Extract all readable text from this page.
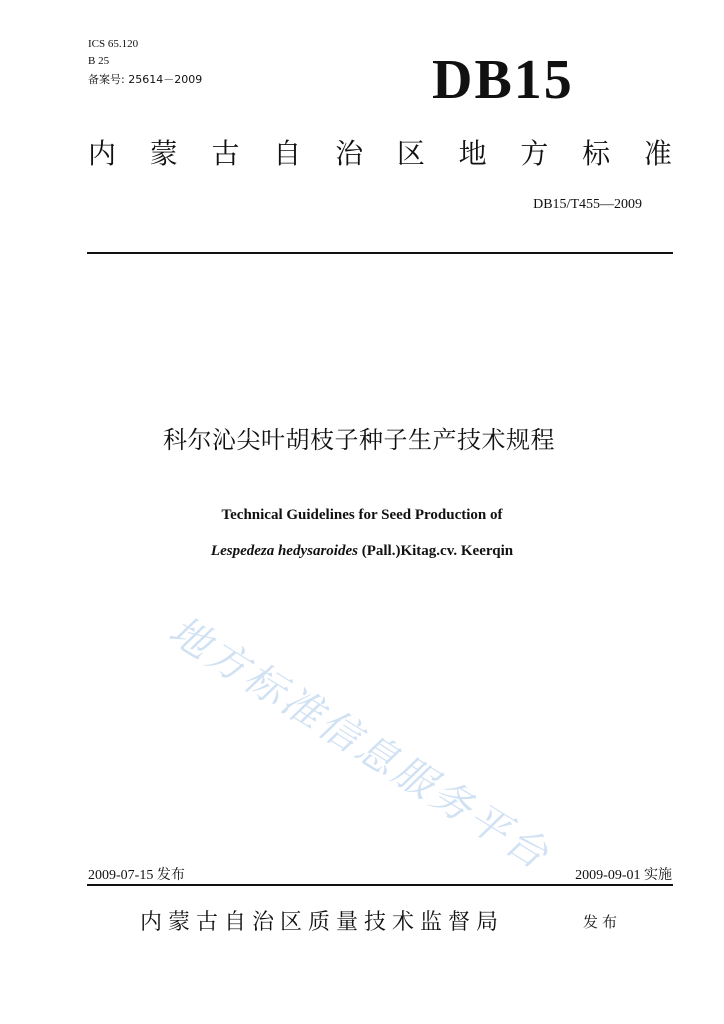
ICS 65.120
B 25
备案号: 25614－2009	DB15
内 蒙 古 自 治 区 地 方 标 准
DB15/T455—2009
科尔沁尖叶胡枝子种子生产技术规程
Technical Guidelines for Seed Production of
Lespedeza hedysaroides (Pall.)Kitag.cv. Keerqin
地方标准信息服务平台
2009-07-15 发布	2009-09-01 实施
内蒙古自治区质量技术监督局	发布
